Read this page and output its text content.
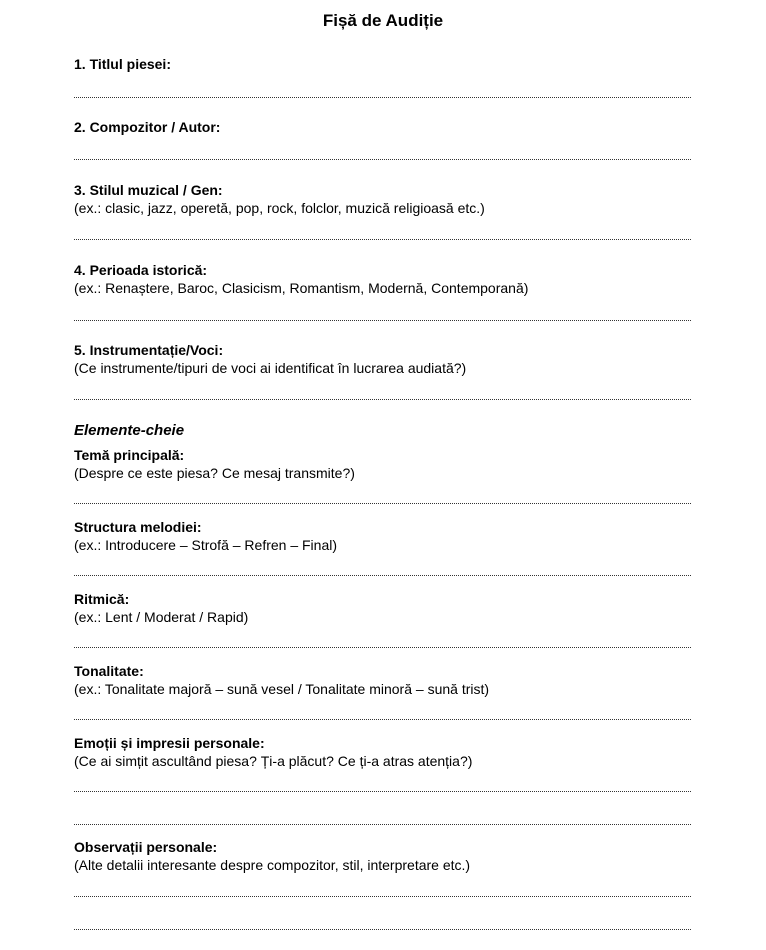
Fișă de Audiție
1. Titlul piesei:
2. Compozitor / Autor:
3. Stilul muzical / Gen:
(ex.: clasic, jazz, operetă, pop, rock, folclor, muzică religioasă etc.)
4. Perioada istorică:
(ex.: Renaștere, Baroc, Clasicism, Romantism, Modernă, Contemporană)
5. Instrumentație/Voci:
(Ce instrumente/tipuri de voci ai identificat în lucrarea audiată?)
Elemente-cheie
Temă principală:
(Despre ce este piesa? Ce mesaj transmite?)
Structura melodiei:
(ex.: Introducere – Strofă – Refren – Final)
Ritmică:
(ex.: Lent / Moderat / Rapid)
Tonalitate:
(ex.: Tonalitate majoră – sună vesel / Tonalitate minoră – sună trist)
Emoții și impresii personale:
(Ce ai simțit ascultând piesa? Ți-a plăcut? Ce ți-a atras atenția?)
Observații personale:
(Alte detalii interesante despre compozitor, stil, interpretare etc.)
